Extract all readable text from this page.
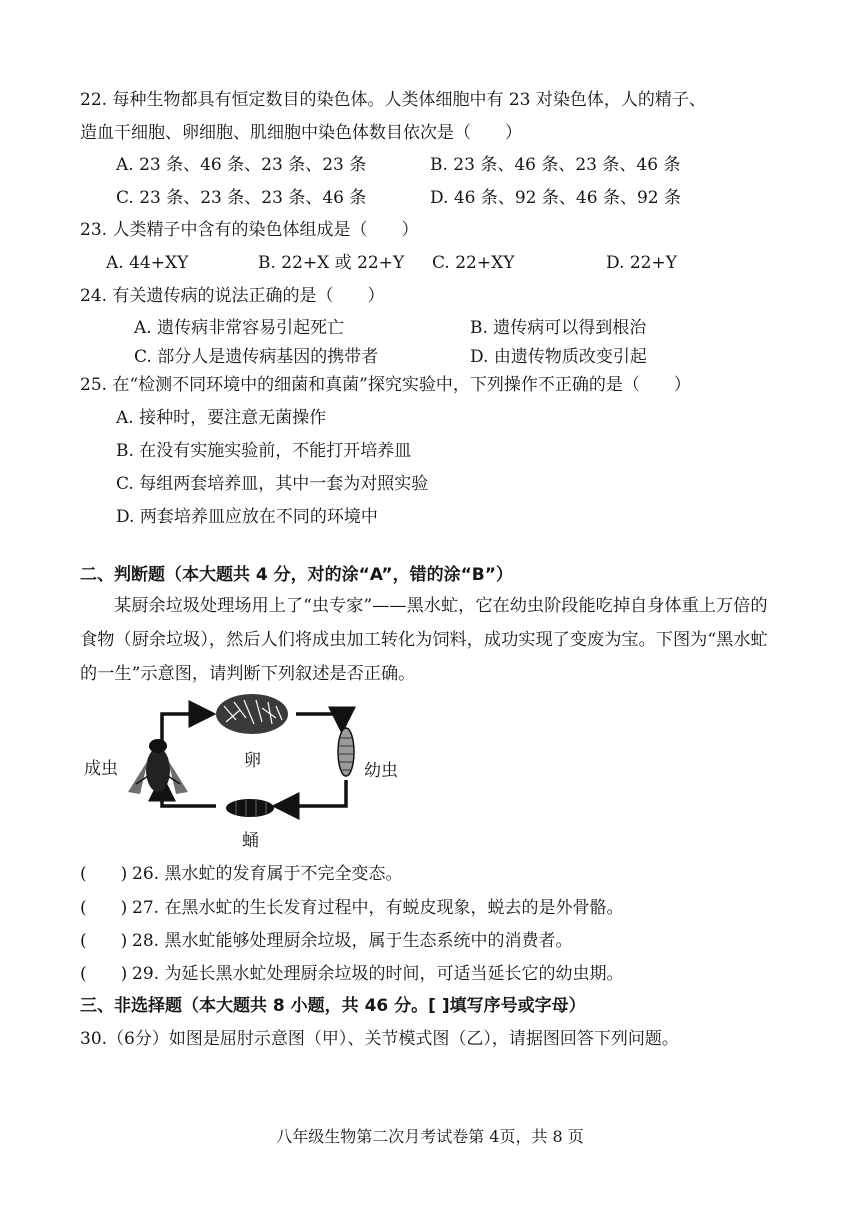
22. 每种生物都具有恒定数目的染色体。人类体细胞中有 23 对染色体，人的精子、
造血干细胞、卵细胞、肌细胞中染色体数目依次是（　　）
A. 23 条、46 条、23 条、23 条	B. 23 条、46 条、23 条、46 条
C. 23 条、23 条、23 条、46 条	D. 46 条、92 条、46 条、92 条
23. 人类精子中含有的染色体组成是（　　）
A. 44+XY	B. 22+X 或 22+Y C. 22+XY	D. 22+Y
24. 有关遗传病的说法正确的是（　　）
A. 遗传病非常容易引起死亡	B. 遗传病可以得到根治
C. 部分人是遗传病基因的携带者	D. 由遗传物质改变引起
25. 在“检测不同环境中的细菌和真菌”探究实验中，下列操作不正确的是（　　）
A. 接种时，要注意无菌操作
B. 在没有实施实验前，不能打开培养皿
C. 每组两套培养皿，其中一套为对照实验
D. 两套培养皿应放在不同的环境中
二、判断题（本大题共 4 分，对的涂“A”，错的涂“B”）
某厨余垃圾处理场用上了“虫专家”——黑水虻，它在幼虫阶段能吃掉自身体重上万倍的食物（厨余垃圾），然后人们将成虫加工转化为饲料，成功实现了变废为宝。下图为“黑水虻的一生”示意图，请判断下列叙述是否正确。
成虫	卵	幼虫
蛹
(　　) 26. 黑水虻的发育属于不完全变态。
(　　) 27. 在黑水虻的生长发育过程中，有蜕皮现象，蜕去的是外骨骼。
(　　) 28. 黑水虻能够处理厨余垃圾，属于生态系统中的消费者。
(　　) 29. 为延长黑水虻处理厨余垃圾的时间，可适当延长它的幼虫期。
三、非选择题（本大题共 8 小题，共 46 分。[ ]填写序号或字母）
30.（6分）如图是屈肘示意图（甲）、关节模式图（乙），请据图回答下列问题。
八年级生物第二次月考试卷第 4页，共 8 页
